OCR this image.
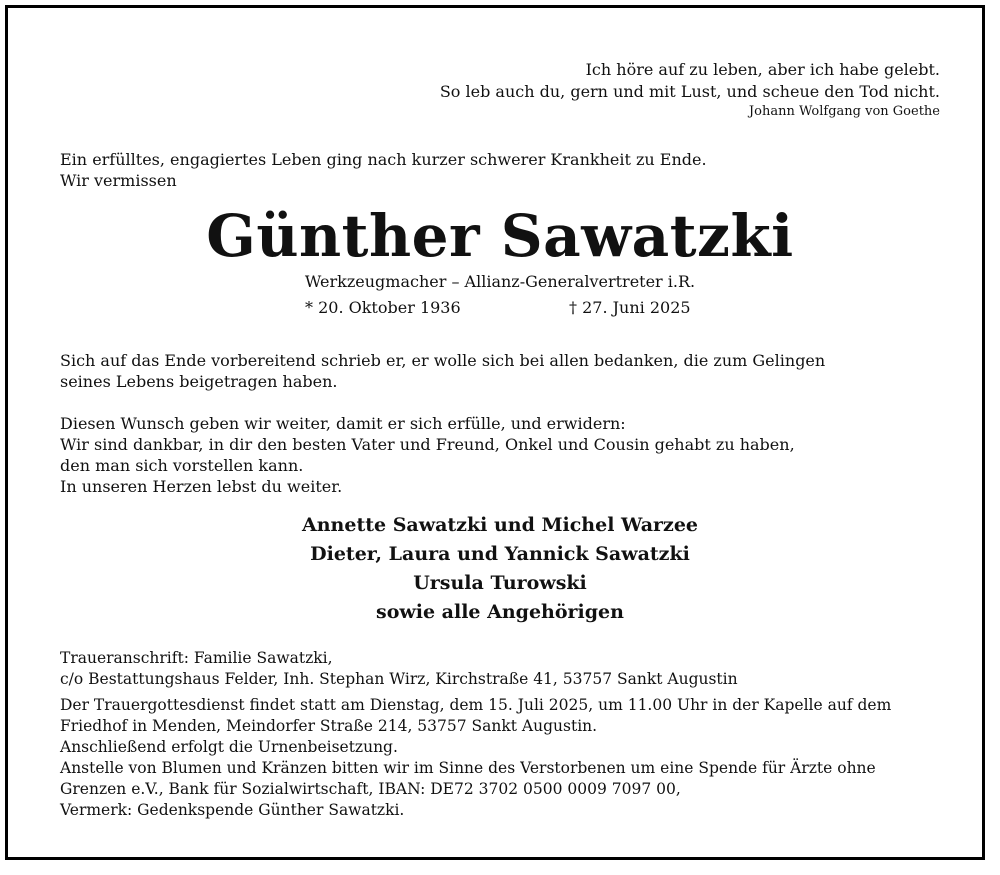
Ich höre auf zu leben, aber ich habe gelebt.
So leb auch du, gern und mit Lust, und scheue den Tod nicht.
Johann Wolfgang von Goethe
Ein erfülltes, engagiertes Leben ging nach kurzer schwerer Krankheit zu Ende.
Wir vermissen
Günther Sawatzki
Werkzeugmacher – Allianz-Generalvertreter i.R.
* 20. Oktober 1936	† 27. Juni 2025
Sich auf das Ende vorbereitend schrieb er, er wolle sich bei allen bedanken, die zum Gelingen
seines Lebens beigetragen haben.
Diesen Wunsch geben wir weiter, damit er sich erfülle, und erwidern:
Wir sind dankbar, in dir den besten Vater und Freund, Onkel und Cousin gehabt zu haben,
den man sich vorstellen kann.
In unseren Herzen lebst du weiter.
Annette Sawatzki und Michel Warzee
Dieter, Laura und Yannick Sawatzki
Ursula Turowski
sowie alle Angehörigen
Traueranschrift: Familie Sawatzki,
c/o Bestattungshaus Felder, Inh. Stephan Wirz, Kirchstraße 41, 53757 Sankt Augustin
Der Trauergottesdienst findet statt am Dienstag, dem 15. Juli 2025, um 11.00 Uhr in der Kapelle auf dem
Friedhof in Menden, Meindorfer Straße 214, 53757 Sankt Augustin.
Anschließend erfolgt die Urnenbeisetzung.
Anstelle von Blumen und Kränzen bitten wir im Sinne des Verstorbenen um eine Spende für Ärzte ohne
Grenzen e.V., Bank für Sozialwirtschaft, IBAN: DE72 3702 0500 0009 7097 00,
Vermerk: Gedenkspende Günther Sawatzki.
